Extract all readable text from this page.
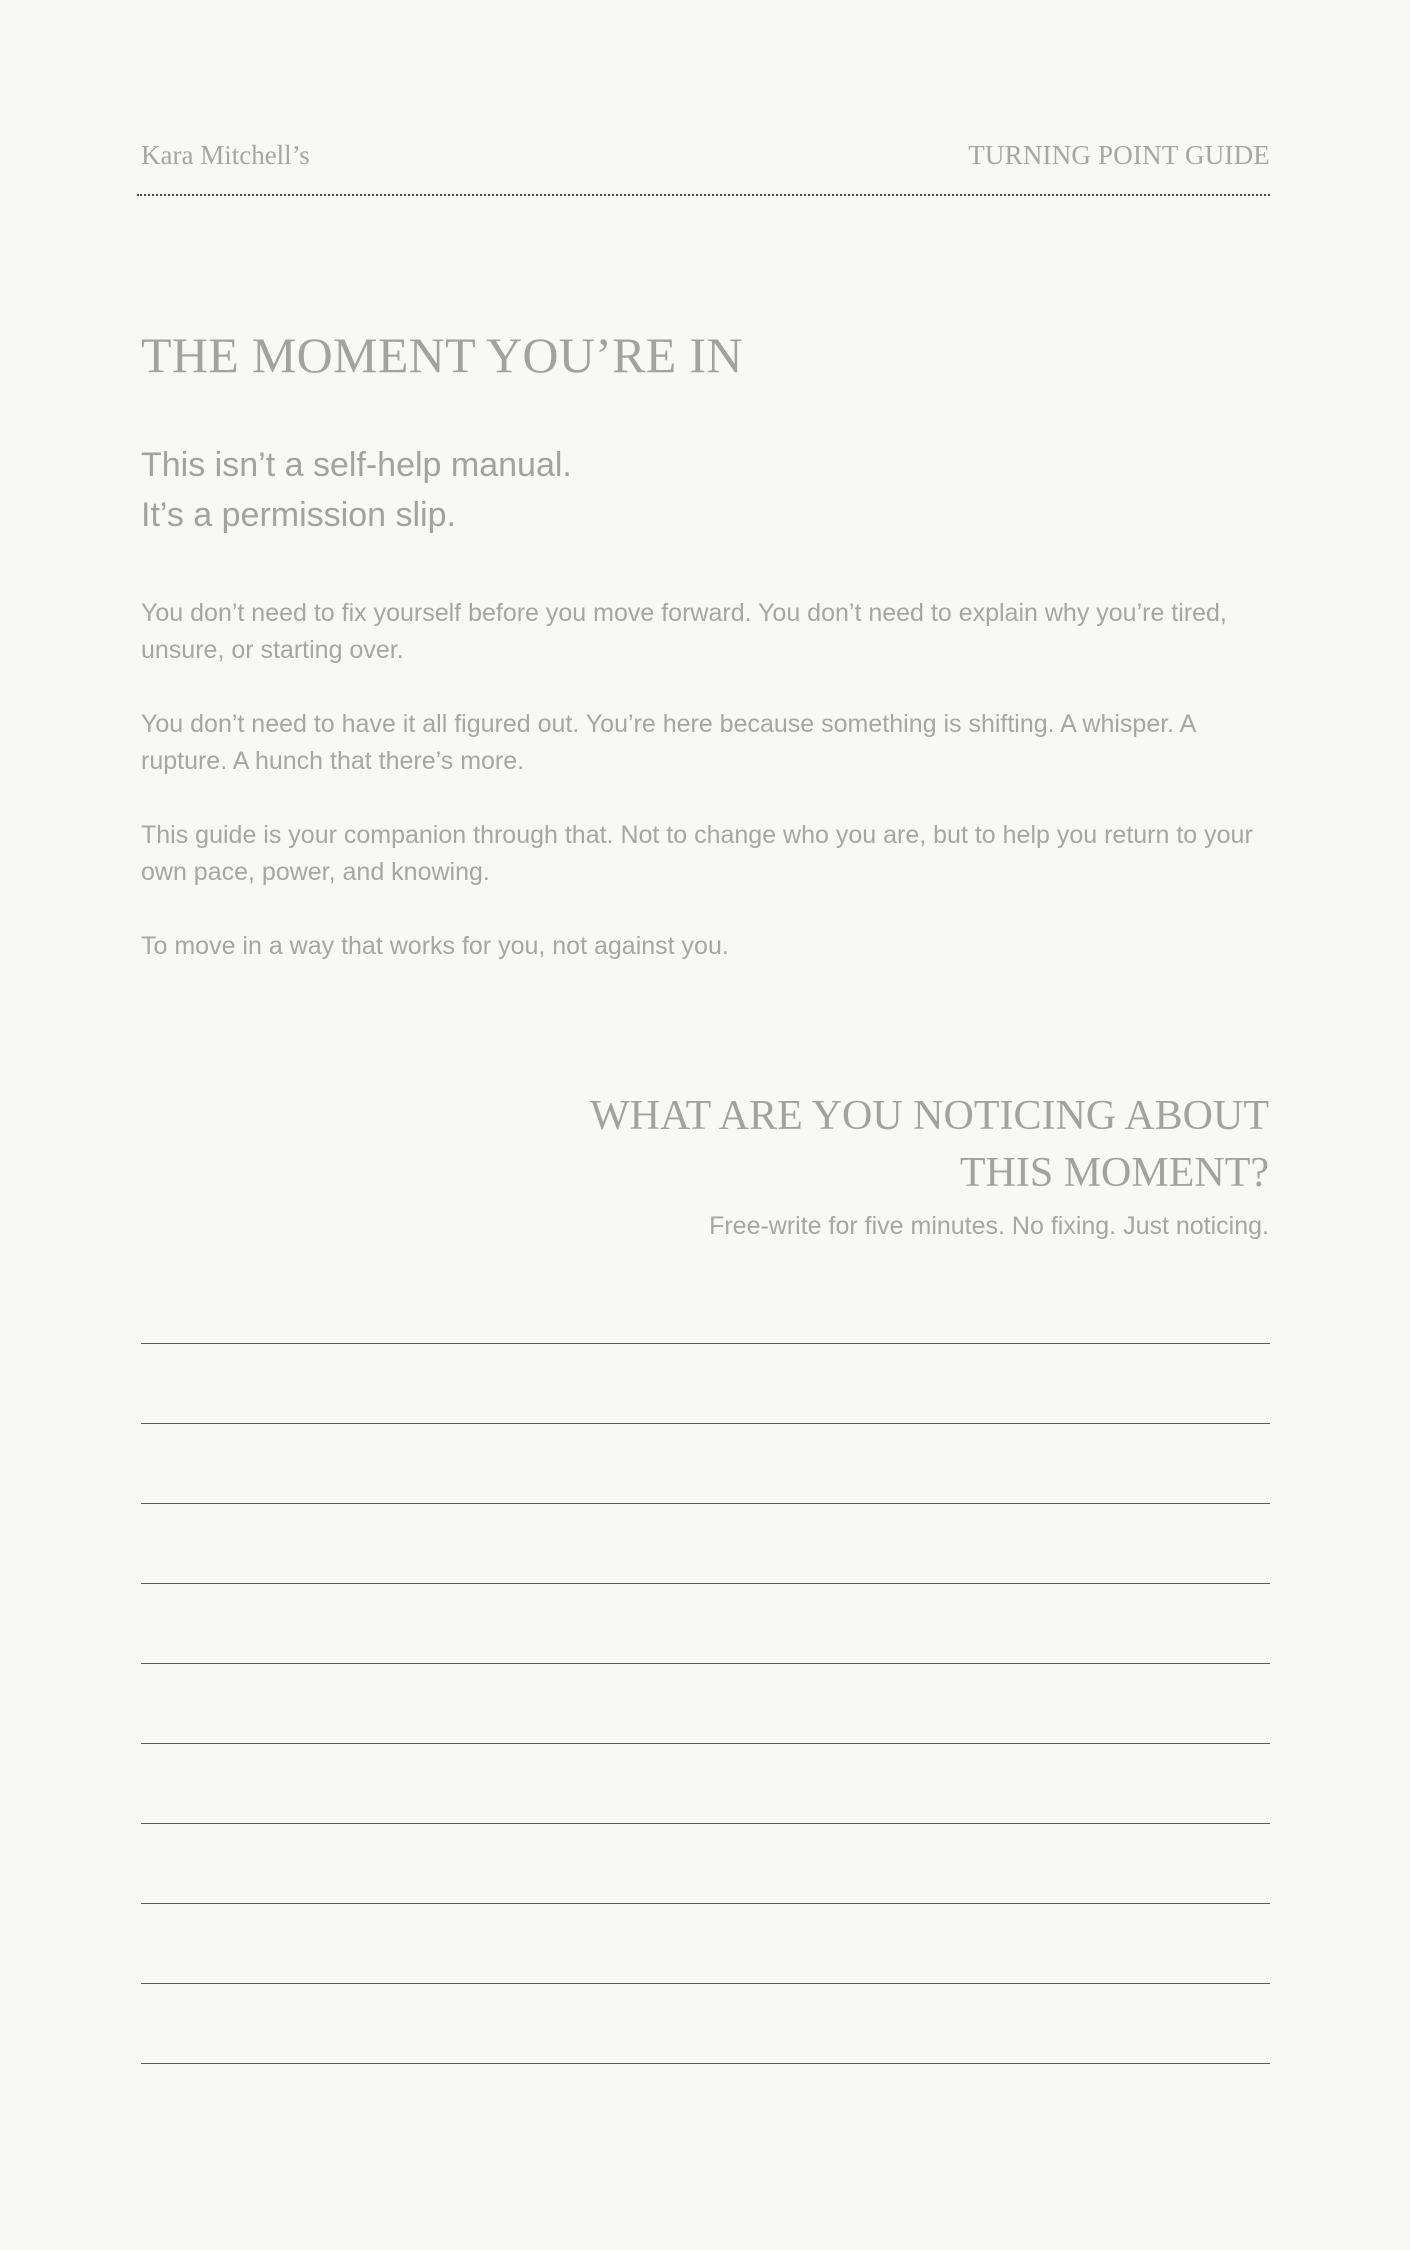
Kara Mitchell’s	TURNING POINT GUIDE
THE MOMENT YOU’RE IN
This isn’t a self-help manual.
It’s a permission slip.

You don’t need to fix yourself before you move forward. You don’t need to explain why you’re tired, unsure, or starting over.

You don’t need to have it all figured out. You’re here because something is shifting. A whisper. A rupture. A hunch that there’s more.

This guide is your companion through that. Not to change who you are, but to help you return to your own pace, power, and knowing.

To move in a way that works for you, not against you.

WHAT ARE YOU NOTICING ABOUT
THIS MOMENT?
Free-write for five minutes. No fixing. Just noticing.
